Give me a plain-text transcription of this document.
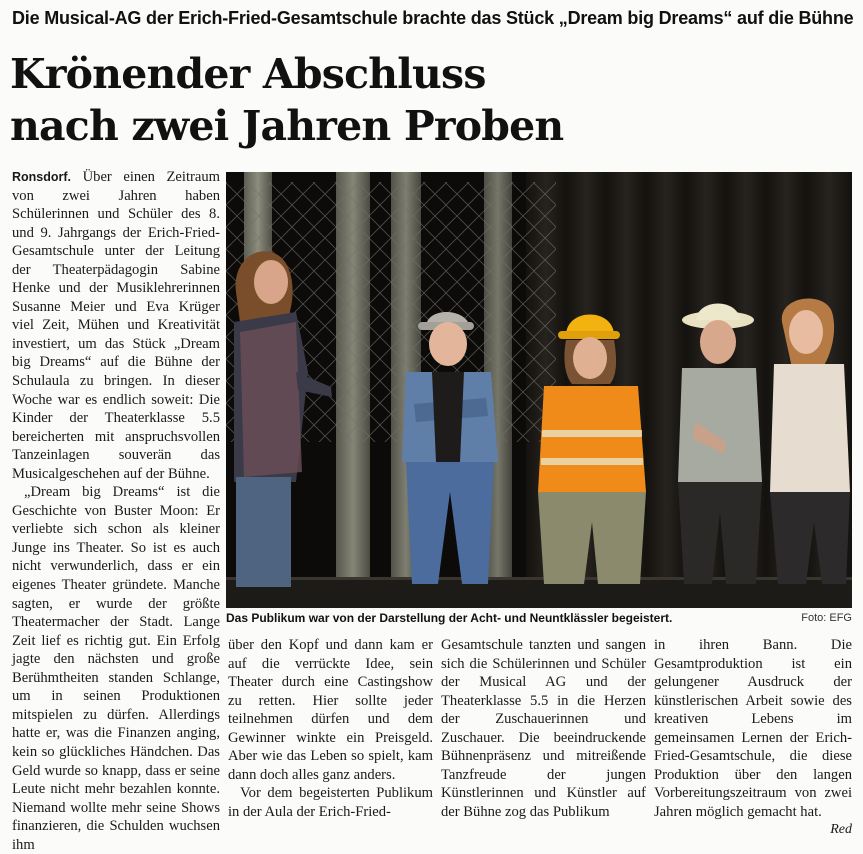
Die Musical-AG der Erich-Fried-Gesamtschule brachte das Stück „Dream big Dreams“ auf die Bühne
Krönender Abschluss
nach zwei Jahren Proben

Ronsdorf. Über einen Zeitraum von zwei Jahren haben Schülerinnen und Schüler des 8. und 9. Jahrgangs der Erich-Fried-Gesamtschule unter der Leitung der Theaterpädagogin Sabine Henke und der Musiklehrerinnen Susanne Meier und Eva Krüger viel Zeit, Mühen und Kreativität investiert, um das Stück „Dream big Dreams“ auf die Bühne der Schulaula zu bringen. In dieser Woche war es endlich soweit: Die Kinder der Theaterklasse 5.5 bereicherten mit anspruchsvollen Tanzeinlagen souverän das Musicalgeschehen auf der Bühne.

„Dream big Dreams“ ist die Geschichte von Buster Moon: Er verliebte sich schon als kleiner Junge ins Theater. So ist es auch nicht verwunderlich, dass er ein eigenes Theater gründete. Manche sagten, er wurde der größte Theatermacher der Stadt. Lange Zeit lief es richtig gut. Ein Erfolg jagte den nächsten und große Berühmtheiten standen Schlange, um in seinen Produktionen mitspielen zu dürfen. Allerdings hatte er, was die Finanzen anging, kein so glückliches Händchen. Das Geld wurde so knapp, dass er seine Leute nicht mehr bezahlen konnte. Niemand wollte mehr seine Shows finanzieren, die Schulden wuchsen ihm

Das Publikum war von der Darstellung der Acht- und Neuntklässler begeistert.	Foto: EFG

über den Kopf und dann kam er auf die verrückte Idee, sein Theater durch eine Castingshow zu retten. Hier sollte jeder teilnehmen dürfen und dem Gewinner winkte ein Preisgeld. Aber wie das Leben so spielt, kam dann doch alles ganz anders.

Vor dem begeisterten Publikum in der Aula der Erich-Fried-

Gesamtschule tanzten und sangen sich die Schülerinnen und Schüler der Musical AG und der Theaterklasse 5.5 in die Herzen der Zuschauerinnen und Zuschauer. Die beeindruckende Bühnenpräsenz und mitreißende Tanzfreude der jungen Künstlerinnen und Künstler auf der Bühne zog das Publikum

in ihren Bann. Die Gesamtproduktion ist ein gelungener Ausdruck der künstlerischen Arbeit sowie des kreativen Lebens im gemeinsamen Lernen der Erich-Fried-Gesamtschule, die diese Produktion über den langen Vorbereitungszeitraum von zwei Jahren möglich gemacht hat.

Red
